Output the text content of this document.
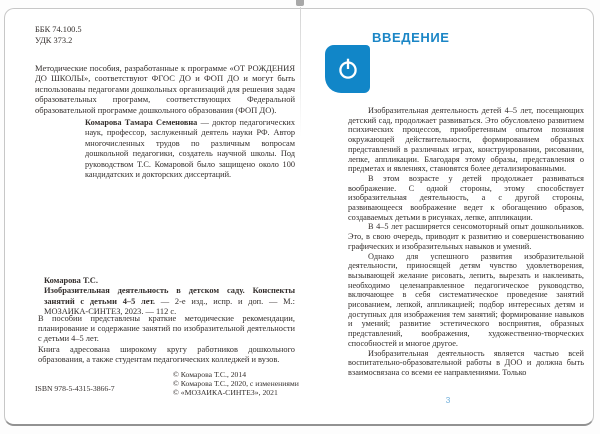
ББК 74.100.5
УДК 373.2
Методические пособия, разработанные к программе «ОТ РОЖДЕНИЯ ДО ШКОЛЫ», соответствуют ФГОС ДО и ФОП ДО и могут быть использованы педагогами дошкольных организаций для решения задач образовательных программ, соответствующих Федеральной образовательной программе дошкольного образования (ФОП ДО).
Комарова Тамара Семеновна — доктор педагогических наук, профессор, заслуженный деятель науки РФ. Автор многочисленных трудов по различным вопросам дошкольной педагогики, создатель научной школы. Под руководством Т.С. Комаровой было защищено около 100 кандидатских и докторских диссертаций.
Комарова Т.С.
Изобразительная деятельность в детском саду. Конспекты занятий с детьми 4–5 лет. — 2-е изд., испр. и доп. — М.: МОЗАИКА-СИНТЕЗ, 2023. — 112 с.
В пособии представлены краткие методические рекомендации, планирование и содержание занятий по изобразительной деятельности с детьми 4–5 лет.
Книга адресована широкому кругу работников дошкольного образования, а также студентам педагогических колледжей и вузов.
ISBN 978-5-4315-3866-7
© Комарова Т.С., 2014
© Комарова Т.С., 2020, с изменениями
© «МОЗАИКА-СИНТЕЗ», 2021
ВВЕДЕНИЕ

Изобразительная деятельность детей 4–5 лет, посещающих детский сад, продолжает развиваться. Это обусловлено развитием психических процессов, приобретенным опытом познания окружающей действительности, формированием образных представлений в различных играх, конструировании, рисовании, лепке, аппликации. Благодаря этому образы, представления о предметах и явлениях, становятся более детализированными.

В этом возрасте у детей продолжает развиваться воображение. С одной стороны, этому способствует изобразительная деятельность, а с другой стороны, развивающееся воображение ведет к обогащению образов, создаваемых детьми в рисунках, лепке, аппликации.

В 4–5 лет расширяется сенсомоторный опыт дошкольников. Это, в свою очередь, приводит к развитию и совершенствованию графических и изобразительных навыков и умений.

Однако для успешного развития изобразительной деятельности, приносящей детям чувство удовлетворения, вызывающей желание рисовать, лепить, вырезать и наклеивать, необходимо целенаправленное педагогическое руководство, включающее в себя систематическое проведение занятий рисованием, лепкой, аппликацией; подбор интересных детям и доступных для изображения тем занятий; формирование навыков и умений; развитие эстетического восприятия, образных представлений, воображения, художественно-творческих способностей и многое другое.

Изобразительная деятельность является частью всей воспитательно-образовательной работы в ДОО и должна быть взаимосвязана со всеми ее направлениями. Только

3
